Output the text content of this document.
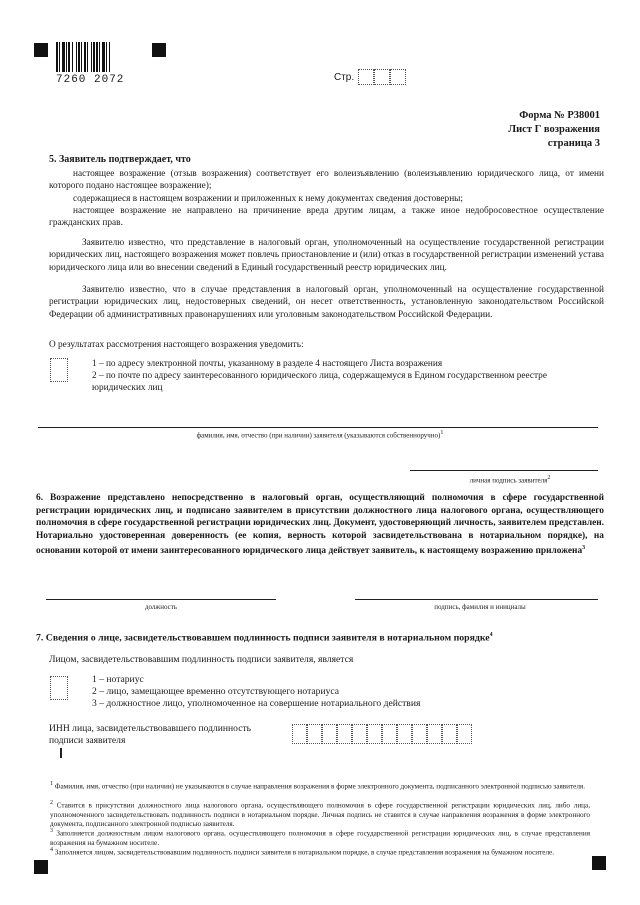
7260 2072	Стр.
Форма № Р38001
Лист Г возражения
страница 3
5. Заявитель подтверждает, что
настоящее возражение (отзыв возражения) соответствует его волеизъявлению (волеизъявлению юридического лица, от имени которого подано настоящее возражение);
содержащиеся в настоящем возражении и приложенных к нему документах сведения достоверны;
настоящее возражение не направлено на причинение вреда другим лицам, а также иное недобросовестное осуществление гражданских прав.
Заявителю известно, что представление в налоговый орган, уполномоченный на осуществление государственной регистрации юридических лиц, настоящего возражения может повлечь приостановление и (или) отказ в государственной регистрации изменений устава юридического лица или во внесении сведений в Единый государственный реестр юридических лиц.
Заявителю известно, что в случае представления в налоговый орган, уполномоченный на осуществление государственной регистрации юридических лиц, недостоверных сведений, он несет ответственность, установленную законодательством Российской Федерации об административных правонарушениях или уголовным законодательством Российской Федерации.
О результатах рассмотрения настоящего возражения уведомить:
1 – по адресу электронной почты, указанному в разделе 4 настоящего Листа возражения
2 – по почте по адресу заинтересованного юридического лица, содержащемуся в Едином государственном реестре юридических лиц
фамилия, имя, отчество (при наличии) заявителя (указываются собственноручно)$^1$
личная подпись заявителя$^2$
6. Возражение представлено непосредственно в налоговый орган, осуществляющий полномочия в сфере государственной регистрации юридических лиц, и подписано заявителем в присутствии должностного лица налогового органа, осуществляющего полномочия в сфере государственной регистрации юридических лиц. Документ, удостоверяющий личность, заявителем представлен. Нотариально удостоверенная доверенность (ее копия, верность которой засвидетельствована в нотариальном порядке), на основании которой от имени заинтересованного юридического лица действует заявитель, к настоящему возражению приложена$^3$
должность	подпись, фамилия и инициалы
7. Сведения о лице, засвидетельствовавшем подлинность подписи заявителя в нотариальном порядке$^4$
Лицом, засвидетельствовавшим подлинность подписи заявителя, является
1 – нотариус
2 – лицо, замещающее временно отсутствующего нотариуса
3 – должностное лицо, уполномоченное на совершение нотариального действия
ИНН лица, засвидетельствовавшего подлинность подписи заявителя
$^1$ Фамилия, имя, отчество (при наличии) не указываются в случае направления возражения в форме электронного документа, подписанного электронной подписью заявителя.
$^2$ Ставится в присутствии должностного лица налогового органа, осуществляющего полномочия в сфере государственной регистрации юридических лиц, либо лица, уполномоченного засвидетельствовать подлинность подписи в нотариальном порядке. Личная подпись не ставится в случае направления возражения в форме электронного документа, подписанного электронной подписью заявителя.
$^3$ Заполняется должностным лицом налогового органа, осуществляющего полномочия в сфере государственной регистрации юридических лиц, в случае представления возражения на бумажном носителе.
$^4$ Заполняется лицом, засвидетельствовавшим подлинность подписи заявителя в нотариальном порядке, в случае представления возражения на бумажном носителе.
